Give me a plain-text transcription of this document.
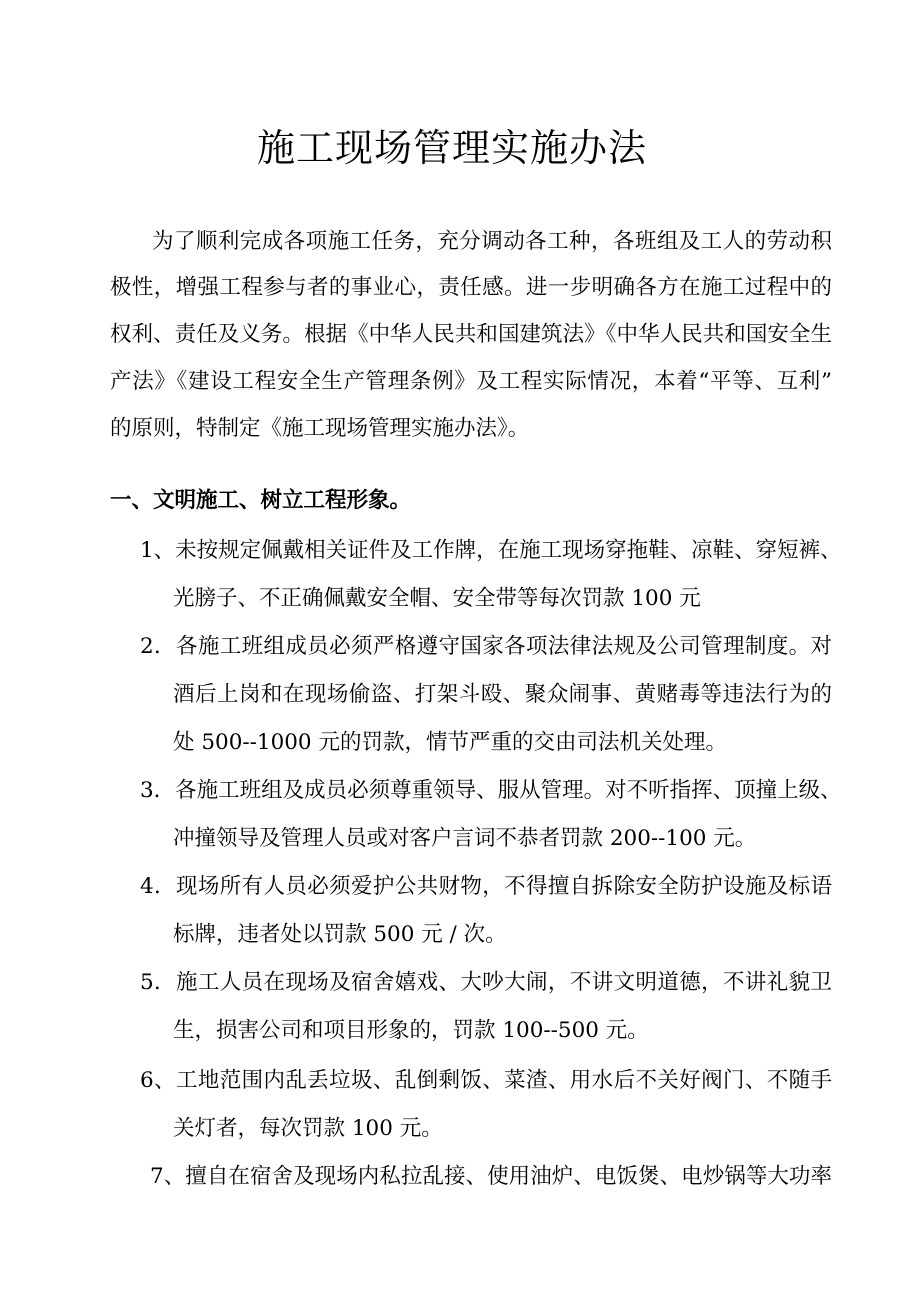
施工现场管理实施办法
为了顺利完成各项施工任务，充分调动各工种，各班组及工人的劳动积
极性，增强工程参与者的事业心，责任感。进一步明确各方在施工过程中的
权利、责任及义务。根据《中华人民共和国建筑法》《中华人民共和国安全生
产法》《建设工程安全生产管理条例》及工程实际情况，本着“平等、互利”
的原则，特制定《施工现场管理实施办法》。
一、文明施工、树立工程形象。
1、未按规定佩戴相关证件及工作牌，在施工现场穿拖鞋、凉鞋、穿短裤、
光膀子、不正确佩戴安全帽、安全带等每次罚款 100 元
2．各施工班组成员必须严格遵守国家各项法律法规及公司管理制度。对
酒后上岗和在现场偷盗、打架斗殴、聚众闹事、黄赌毒等违法行为的
处 500--1000 元的罚款，情节严重的交由司法机关处理。
3．各施工班组及成员必须尊重领导、服从管理。对不听指挥、顶撞上级、
冲撞领导及管理人员或对客户言词不恭者罚款 200--100 元。
4．现场所有人员必须爱护公共财物，不得擅自拆除安全防护设施及标语
标牌，违者处以罚款 500 元 / 次。
5．施工人员在现场及宿舍嬉戏、大吵大闹，不讲文明道德，不讲礼貌卫
生，损害公司和项目形象的，罚款 100--500 元。
6、工地范围内乱丢垃圾、乱倒剩饭、菜渣、用水后不关好阀门、不随手
关灯者，每次罚款 100 元。
7、擅自在宿舍及现场内私拉乱接、使用油炉、电饭煲、电炒锅等大功率
